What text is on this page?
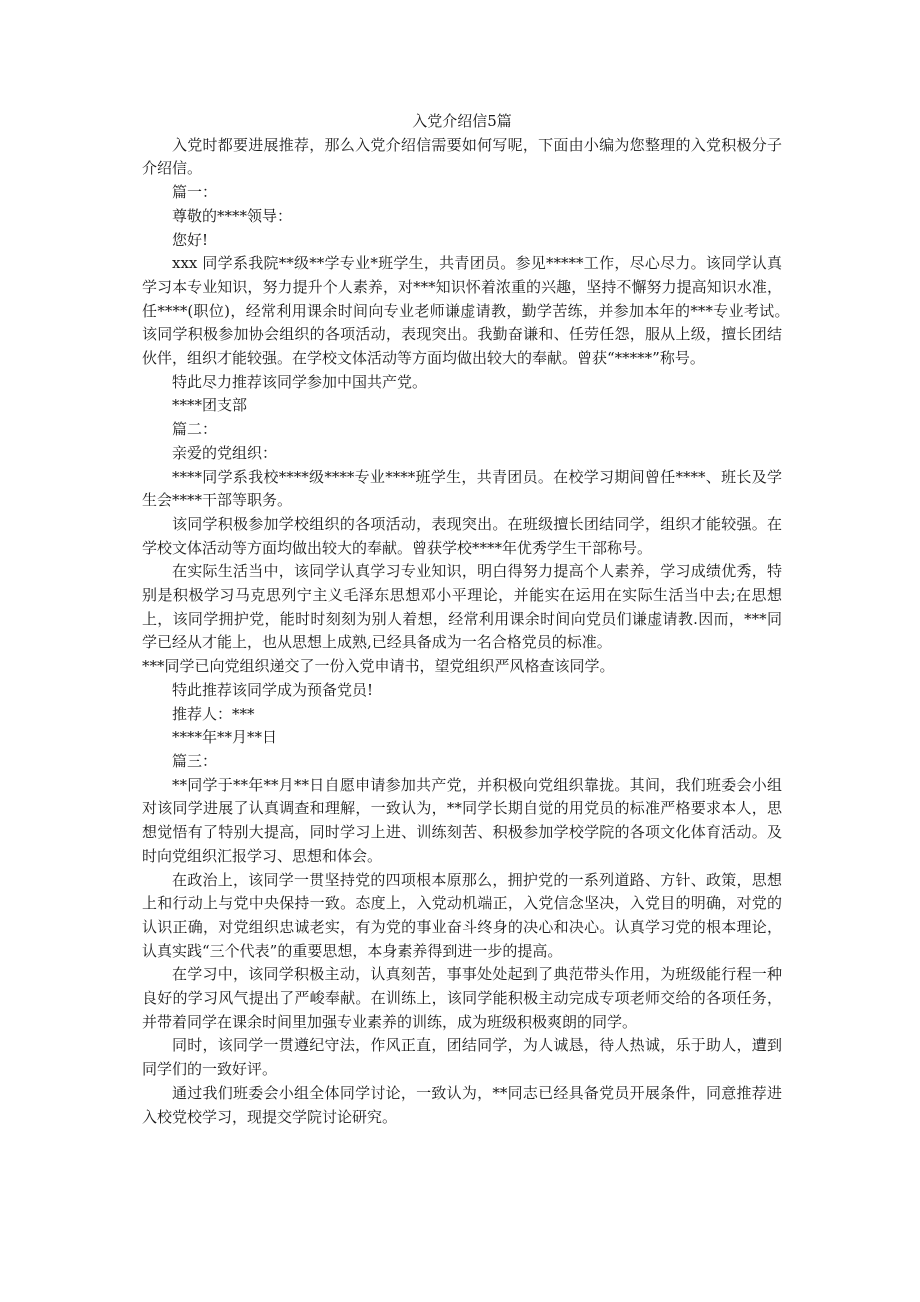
入党介绍信5篇

入党时都要进展推荐，那么入党介绍信需要如何写呢，下面由小编为您整理的入党积极分子介绍信。

篇一：

尊敬的****领导：

您好!

xxx 同学系我院**级**学专业*班学生，共青团员。参见*****工作，尽心尽力。该同学认真学习本专业知识，努力提升个人素养，对***知识怀着浓重的兴趣，坚持不懈努力提高知识水准，任****(职位)，经常利用课余时间向专业老师谦虚请教，勤学苦练，并参加本年的***专业考试。　　该同学积极参加协会组织的各项活动，表现突出。我勤奋谦和、任劳任怨，服从上级，擅长团结伙伴，组织才能较强。在学校文体活动等方面均做出较大的奉献。曾获“*****”称号。

特此尽力推荐该同学参加中国共产党。

****团支部

篇二：

亲爱的党组织：

****同学系我校****级****专业****班学生，共青团员。在校学习期间曾任****、班长及学生会****干部等职务。

该同学积极参加学校组织的各项活动，表现突出。在班级擅长团结同学，组织才能较强。在学校文体活动等方面均做出较大的奉献。曾获学校****年优秀学生干部称号。

在实际生活当中，该同学认真学习专业知识，明白得努力提高个人素养，学习成绩优秀，特别是积极学习马克思列宁主义毛泽东思想邓小平理论，并能实在运用在实际生活当中去;在思想上，该同学拥护党，能时时刻刻为别人着想，经常利用课余时间向党员们谦虚请教.因而，***同学已经从才能上，也从思想上成熟,已经具备成为一名合格党员的标准。

***同学已向党组织递交了一份入党申请书，望党组织严风格查该同学。

特此推荐该同学成为预备党员!

推荐人：***

****年**月**日

篇三：

**同学于**年**月**日自愿申请参加共产党，并积极向党组织靠拢。其间，我们班委会小组对该同学进展了认真调查和理解，一致认为，**同学长期自觉的用党员的标准严格要求本人，思想觉悟有了特别大提高，同时学习上进、训练刻苦、积极参加学校学院的各项文化体育活动。及时向党组织汇报学习、思想和体会。

在政治上，该同学一贯坚持党的四项根本原那么，拥护党的一系列道路、方针、政策，思想上和行动上与党中央保持一致。态度上，入党动机端正，入党信念坚决，入党目的明确，对党的认识正确，对党组织忠诚老实，有为党的事业奋斗终身的决心和决心。认真学习党的根本理论，认真实践“三个代表”的重要思想，本身素养得到进一步的提高。

在学习中，该同学积极主动，认真刻苦，事事处处起到了典范带头作用，为班级能行程一种良好的学习风气提出了严峻奉献。在训练上，该同学能积极主动完成专项老师交给的各项任务，并带着同学在课余时间里加强专业素养的训练，成为班级积极爽朗的同学。

同时，该同学一贯遵纪守法，作风正直，团结同学，为人诚恳，待人热诚，乐于助人，遭到同学们的一致好评。

通过我们班委会小组全体同学讨论，一致认为，**同志已经具备党员开展条件，同意推荐进入校党校学习，现提交学院讨论研究。
